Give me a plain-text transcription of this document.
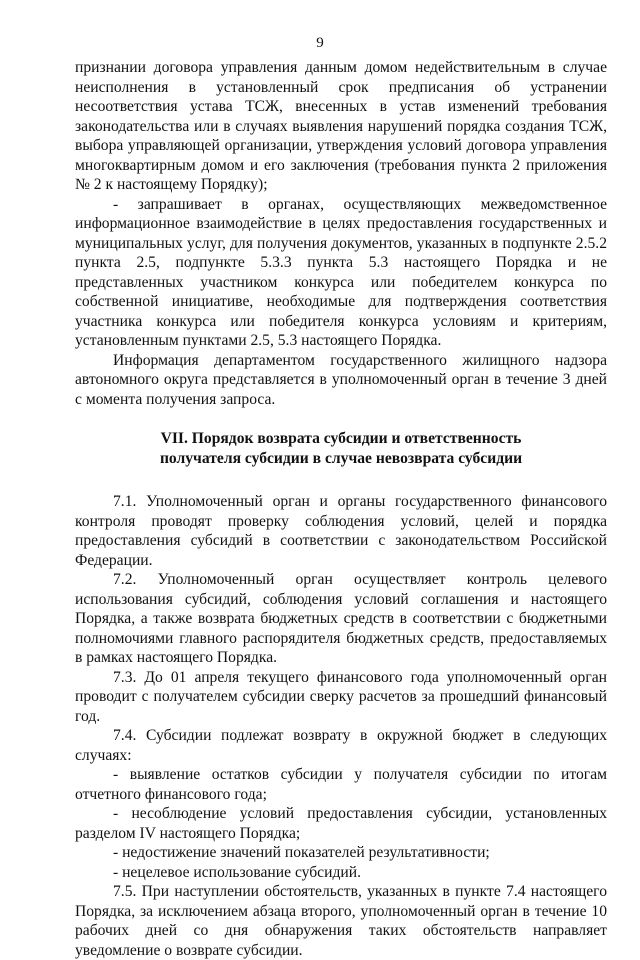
9

признании договора управления данным домом недействительным в случае неисполнения в установленный срок предписания об устранении несоответствия устава ТСЖ, внесенных в устав изменений требования законодательства или в случаях выявления нарушений порядка создания ТСЖ, выбора управляющей организации, утверждения условий договора управления многоквартирным домом и его заключения (требования пункта 2 приложения № 2 к настоящему Порядку);

- запрашивает в органах, осуществляющих межведомственное информационное взаимодействие в целях предоставления государственных и муниципальных услуг, для получения документов, указанных в подпункте 2.5.2 пункта 2.5, подпункте 5.3.3 пункта 5.3 настоящего Порядка и не представленных участником конкурса или победителем конкурса по собственной инициативе, необходимые для подтверждения соответствия участника конкурса или победителя конкурса условиям и критериям, установленным пунктами 2.5, 5.3 настоящего Порядка.

Информация департаментом государственного жилищного надзора автономного округа представляется в уполномоченный орган в течение 3 дней с момента получения запроса.

VII. Порядок возврата субсидии и ответственность
получателя субсидии в случае невозврата субсидии

7.1. Уполномоченный орган и органы государственного финансового контроля проводят проверку соблюдения условий, целей и порядка предоставления субсидий в соответствии с законодательством Российской Федерации.

7.2. Уполномоченный орган осуществляет контроль целевого использования субсидий, соблюдения условий соглашения и настоящего Порядка, а также возврата бюджетных средств в соответствии с бюджетными полномочиями главного распорядителя бюджетных средств, предоставляемых в рамках настоящего Порядка.

7.3. До 01 апреля текущего финансового года уполномоченный орган проводит с получателем субсидии сверку расчетов за прошедший финансовый год.

7.4. Субсидии подлежат возврату в окружной бюджет в следующих случаях:

- выявление остатков субсидии у получателя субсидии по итогам отчетного финансового года;

- несоблюдение условий предоставления субсидии, установленных разделом IV настоящего Порядка;

- недостижение значений показателей результативности;

- нецелевое использование субсидий.

7.5. При наступлении обстоятельств, указанных в пункте 7.4 настоящего Порядка, за исключением абзаца второго, уполномоченный орган в течение 10 рабочих дней со дня обнаружения таких обстоятельств направляет уведомление о возврате субсидии.
